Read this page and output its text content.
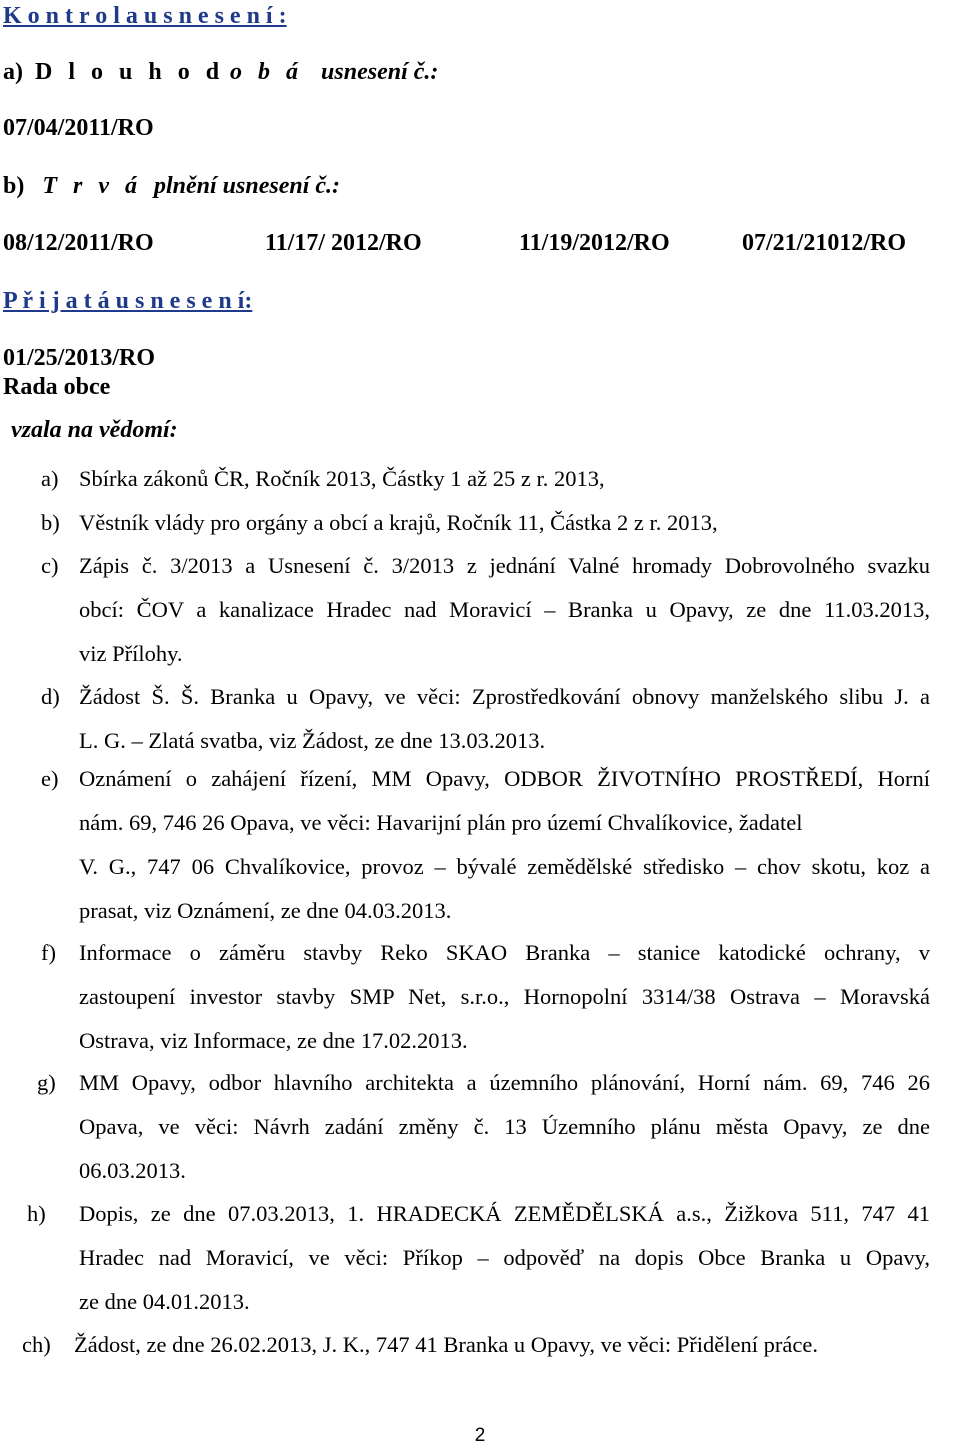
K o n t r o l a u s n e s e n í :
a) D l o u h o d o b á usnesení č.:
07/04/2011/RO
b) T r v á plnění usnesení č.:
08/12/2011/RO	11/17/ 2012/RO	11/19/2012/RO	07/21/21012/RO
P ř i j a t á u s n e s e n í:
01/25/2013/RO
Rada obce
vzala na vědomí:
a) Sbírka zákonů ČR, Ročník 2013, Částky 1 až 25 z r. 2013,
b) Věstník vlády pro orgány a obcí a krajů, Ročník 11, Částka 2 z r. 2013,
c) Zápis č. 3/2013 a Usnesení č. 3/2013 z jednání Valné hromady Dobrovolného svazku
obcí: ČOV a kanalizace Hradec nad Moravicí – Branka u Opavy, ze dne 11.03.2013,
viz Přílohy.
d) Žádost Š. Š. Branka u Opavy, ve věci: Zprostředkování obnovy manželského slibu J. a
L. G. – Zlatá svatba, viz Žádost, ze dne 13.03.2013.
e) Oznámení o zahájení řízení, MM Opavy, ODBOR ŽIVOTNÍHO PROSTŘEDÍ, Horní
nám. 69, 746 26 Opava, ve věci: Havarijní plán pro území Chvalíkovice, žadatel
V. G., 747 06 Chvalíkovice, provoz – bývalé zemědělské středisko – chov skotu, koz a
prasat, viz Oznámení, ze dne 04.03.2013.
f) Informace o záměru stavby Reko SKAO Branka – stanice katodické ochrany, v
zastoupení investor stavby SMP Net, s.r.o., Hornopolní 3314/38 Ostrava – Moravská
Ostrava, viz Informace, ze dne 17.02.2013.
g) MM Opavy, odbor hlavního architekta a územního plánování, Horní nám. 69, 746 26
Opava, ve věci: Návrh zadání změny č. 13 Územního plánu města Opavy, ze dne
06.03.2013.
h) Dopis, ze dne 07.03.2013, 1. HRADECKÁ ZEMĚDĚLSKÁ a.s., Žižkova 511, 747 41
Hradec nad Moravicí, ve věci: Příkop – odpověď na dopis Obce Branka u Opavy,
ze dne 04.01.2013.
ch) Žádost, ze dne 26.02.2013, J. K., 747 41 Branka u Opavy, ve věci: Přidělení práce.
2
